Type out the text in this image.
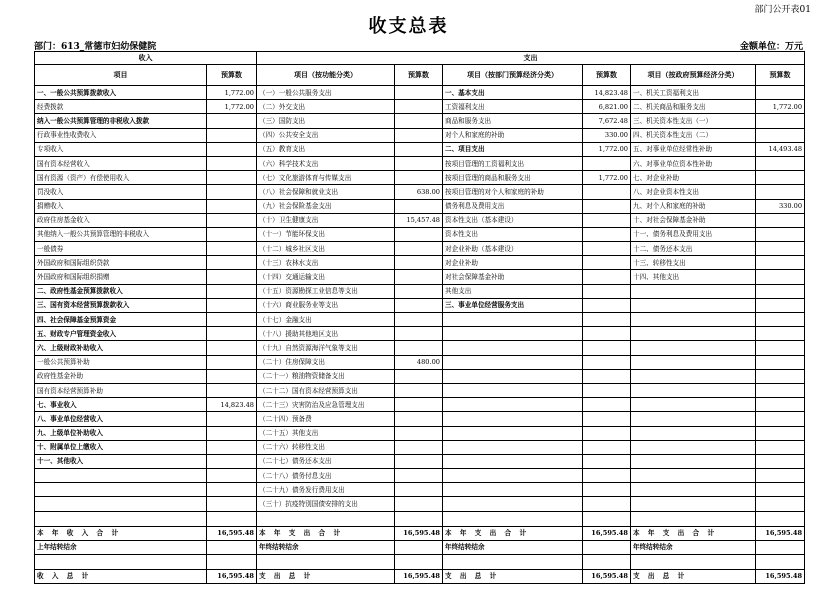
部门公开表01
收支总表
部门：613_常德市妇幼保健院	金额单位：万元
收入		支出					
项目	预算数	项目（按功能分类）	预算数	项目（按部门预算经济分类）	预算数	项目（按政府预算经济分类）	预算数
一、一般公共预算拨款收入	1,772.00	（一）一般公共服务支出		一、基本支出	14,823.48	一、机关工资福利支出	
经费拨款	1,772.00	（二）外交支出		工资福利支出	6,821.00	二、机关商品和服务支出	1,772.00
纳入一般公共预算管理的非税收入拨款		（三）国防支出		商品和服务支出	7,672.48	三、机关资本性支出（一）	
行政事业性收费收入		（四）公共安全支出		对个人和家庭的补助	330.00	四、机关资本性支出（二）	
专项收入		（五）教育支出		二、项目支出	1,772.00	五、对事业单位经常性补助	14,493.48
国有资本经营收入		（六）科学技术支出		按项目管理的工资福利支出		六、对事业单位资本性补助	
国有资源（资产）有偿使用收入		（七）文化旅游体育与传媒支出		按项目管理的商品和服务支出	1,772.00	七、对企业补助	
罚没收入		（八）社会保障和就业支出	638.00	按项目管理的对个人和家庭的补助		八、对企业资本性支出	
捐赠收入		（九）社会保险基金支出		债务利息及费用支出		九、对个人和家庭的补助	330.00
政府住房基金收入		（十）卫生健康支出	15,457.48	资本性支出（基本建设）		十、对社会保障基金补助	
其他纳入一般公共预算管理的非税收入		（十一）节能环保支出		资本性支出		十一、债务利息及费用支出	
一般债券		（十二）城乡社区支出		对企业补助（基本建设）		十二、债务还本支出	
外国政府和国际组织贷款		（十三）农林水支出		对企业补助		十三、转移性支出	
外国政府和国际组织捐赠		（十四）交通运输支出		对社会保障基金补助		十四、其他支出	
二、政府性基金预算拨款收入		（十五）资源勘探工业信息等支出		其他支出			
三、国有资本经营预算拨款收入		（十六）商业服务业等支出		三、事业单位经营服务支出			
四、社会保障基金预算资金		（十七）金融支出					
五、财政专户管理资金收入		（十八）援助其他地区支出					
六、上级财政补助收入		（十九）自然资源海洋气象等支出					
一般公共预算补助		（二十）住房保障支出	480.00				
政府性基金补助		（二十一）粮油物资储备支出					
国有资本经营预算补助		（二十二）国有资本经营预算支出					
七、事业收入	14,823.48	（二十三）灾害防治及应急管理支出					
八、事业单位经营收入		（二十四）预备费					
九、上级单位补助收入		（二十五）其他支出					
十、附属单位上缴收入		（二十六）转移性支出					
十一、其他收入		（二十七）债务还本支出					
		（二十八）债务付息支出					
		（二十九）债务发行费用支出					
		（三十）抗疫特别国债安排的支出					

本 年 收 入 合 计	16,595.48	本 年 支 出 合 计	16,595.48	本 年 支 出 合 计	16,595.48	本 年 支 出 合 计	16,595.48
上年结转结余		年终结转结余		年终结转结余		年终结转结余	

收 入 总 计	16,595.48	支 出 总 计	16,595.48	支 出 总 计	16,595.48	支 出 总 计	16,595.48
